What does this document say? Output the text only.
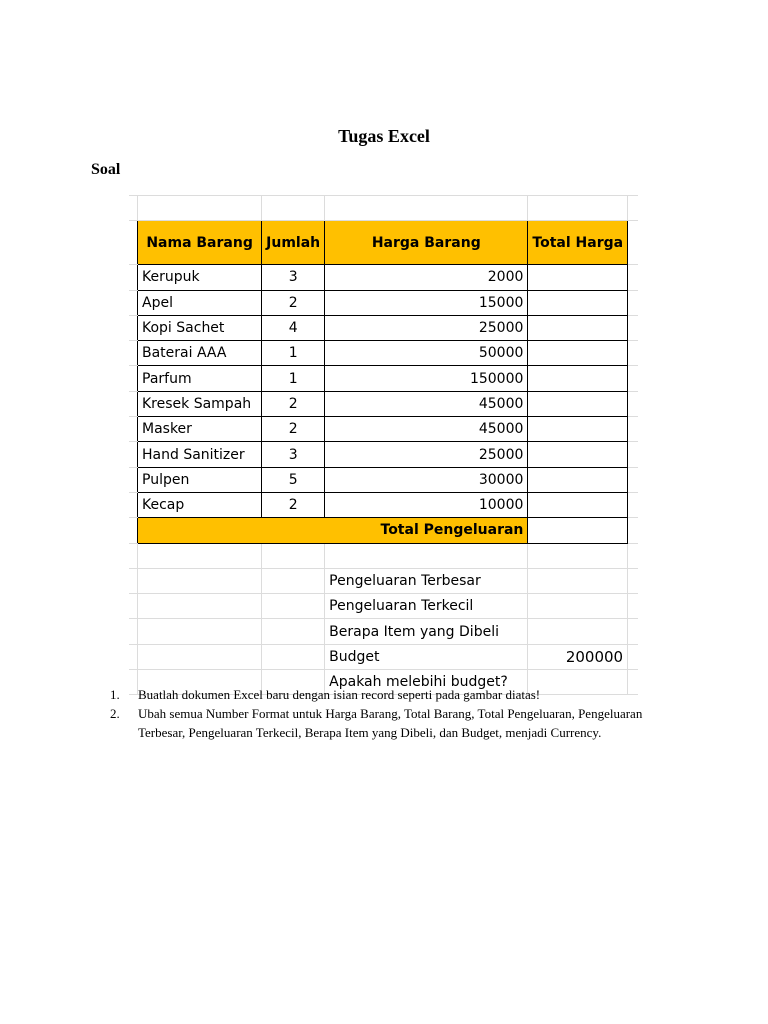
Tugas Excel
Soal

	Nama Barang	Jumlah	Harga Barang	Total Harga	
	Kerupuk	3	2000		
	Apel	2	15000		
	Kopi Sachet	4	25000		
	Baterai AAA	1	50000		
	Parfum	1	150000		
	Kresek Sampah	2	45000		
	Masker	2	45000		
	Hand Sanitizer	3	25000		
	Pulpen	5	30000		
	Kecap	2	10000		
	Total Pengeluaran				

			Pengeluaran Terbesar		
			Pengeluaran Terkecil		
			Berapa Item yang Dibeli		
			Budget	200000	
			Apakah melebihi budget?		
1. Buatlah dokumen Excel baru dengan isian record seperti pada gambar diatas!
2. Ubah semua Number Format untuk Harga Barang, Total Barang, Total Pengeluaran, Pengeluaran Terbesar, Pengeluaran Terkecil, Berapa Item yang Dibeli, dan Budget, menjadi Currency.
